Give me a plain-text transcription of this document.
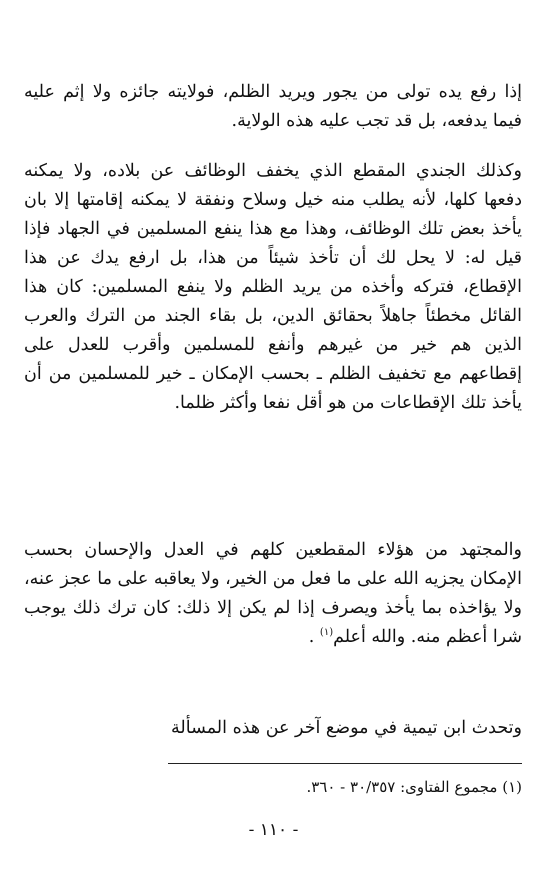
إذا رفع يده تولى من يجور ويريد الظلم، فولايته جائزه ولا إثم عليه فيما يدفعه، بل قد تجب عليه هذه الولاية.

وكذلك الجندي المقطع الذي يخفف الوظائف عن بلاده، ولا يمكنه دفعها كلها، لأنه يطلب منه خيل وسلاح ونفقة لا يمكنه إقامتها إلا بان يأخذ بعض تلك الوظائف، وهذا مع هذا ينفع المسلمين في الجهاد فإذا قيل له: لا يحل لك أن تأخذ شيئاً من هذا، بل ارفع يدك عن هذا الإقطاع، فتركه وأخذه من يريد الظلم ولا ينفع المسلمين: كان هذا القائل مخطئاً جاهلاً بحقائق الدين، بل بقاء الجند من الترك والعرب الذين هم خير من غيرهم وأنفع للمسلمين وأقرب للعدل على إقطاعهم مع تخفيف الظلم ـ بحسب الإمكان ـ خير للمسلمين من أن يأخذ تلك الإقطاعات من هو أقل نفعا وأكثر ظلما.

والمجتهد من هؤلاء المقطعين كلهم في العدل والإحسان بحسب الإمكان يجزيه الله على ما فعل من الخير، ولا يعاقبه على ما عجز عنه، ولا يؤاخذه بما يأخذ ويصرف إذا لم يكن إلا ذلك: كان ترك ذلك يوجب شرا أعظم منه. والله أعلم$^{(١)}$ .

وتحدث ابن تيمية في موضع آخر عن هذه المسألة

(١) مجموع الفتاوى: ٣٠/٣٥٧ - ٣٦٠.

- ١١٠ -
